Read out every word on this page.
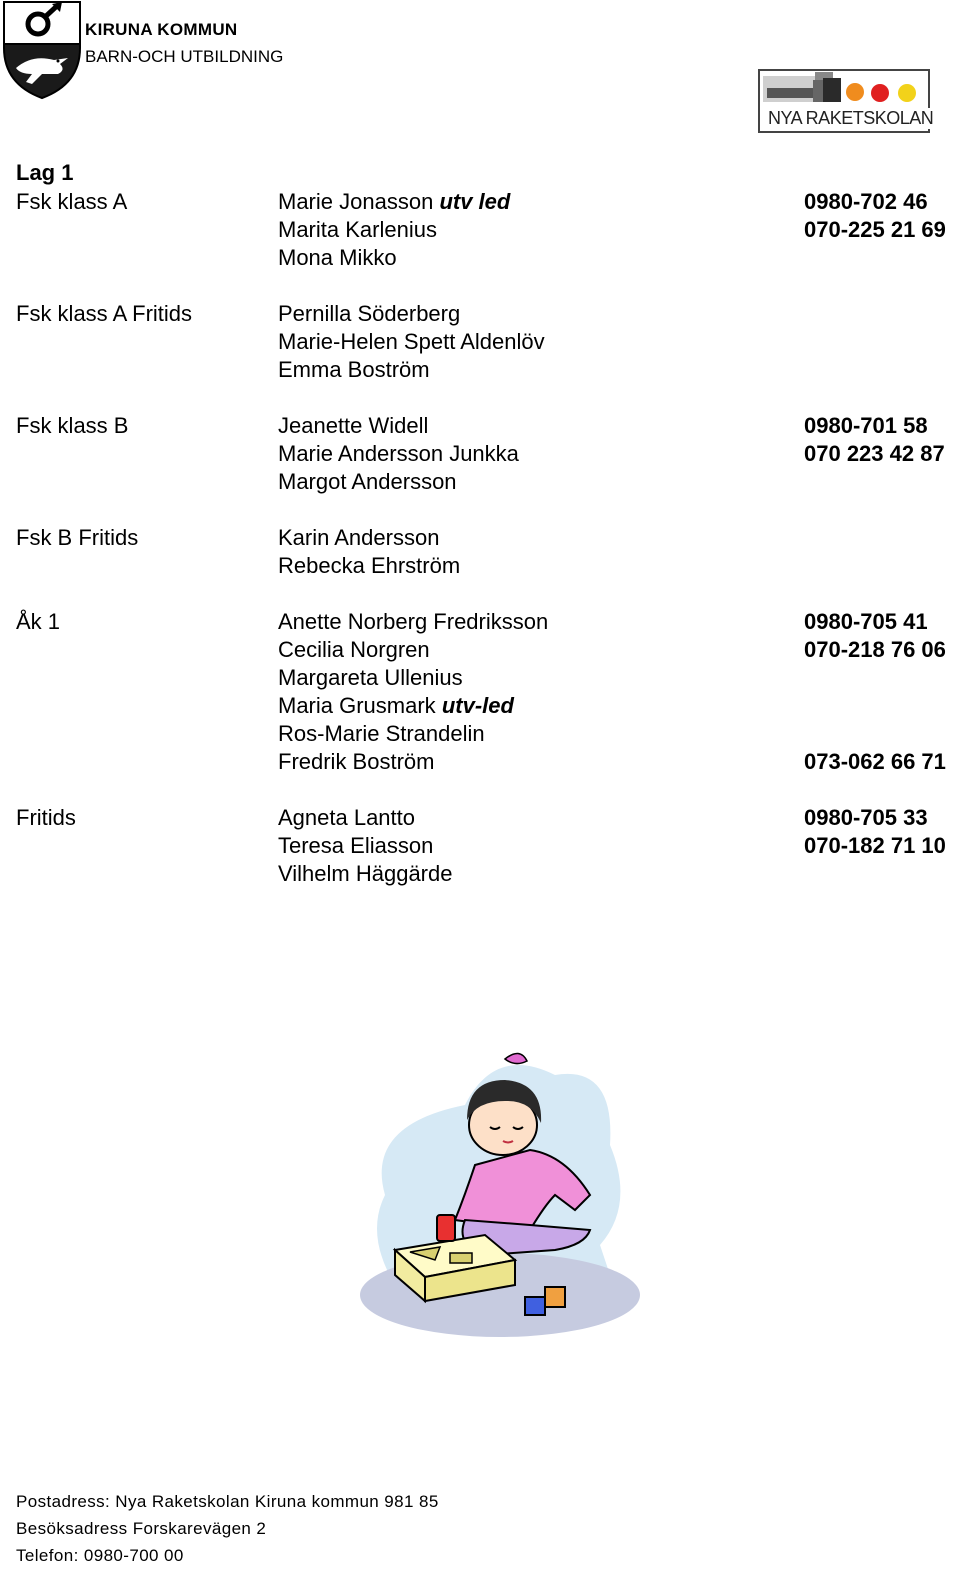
KIRUNA KOMMUN
BARN-OCH UTBILDNING
NYA RAKETSKOLAN
Lag 1
Fsk klass A	Marie Jonasson utv led	0980-702 46
Marita Karlenius	070-225 21 69
Mona Mikko
Fsk klass A Fritids	Pernilla Söderberg
Marie-Helen Spett Aldenlöv
Emma Boström
Fsk klass B	Jeanette Widell	0980-701 58
Marie Andersson Junkka	070 223 42 87
Margot Andersson
Fsk B Fritids	Karin Andersson
Rebecka Ehrström
Åk 1	Anette Norberg Fredriksson	0980-705 41
Cecilia Norgren	070-218 76 06
Margareta Ullenius
Maria Grusmark utv-led
Ros-Marie Strandelin
Fredrik Boström	073-062 66 71
Fritids	Agneta Lantto	0980-705 33
Teresa Eliasson	070-182 71 10
Vilhelm Häggärde
Postadress: Nya Raketskolan Kiruna kommun 981 85
Besöksadress Forskarevägen 2
Telefon: 0980-700 00
